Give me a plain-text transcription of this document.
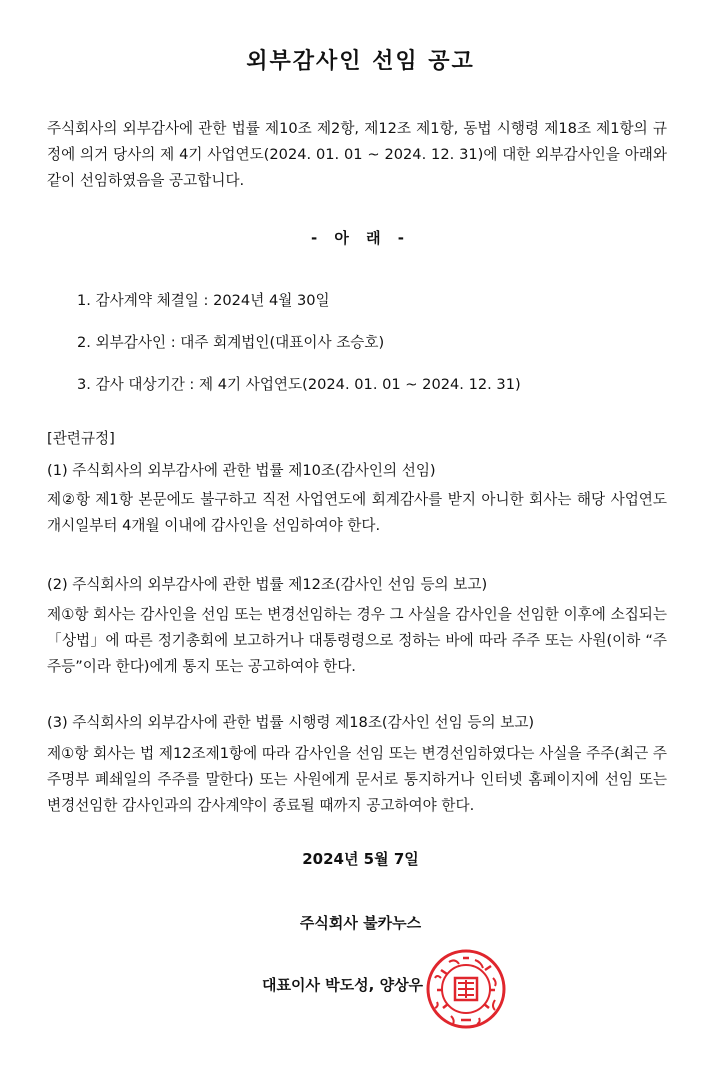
외부감사인 선임 공고
주식회사의 외부감사에 관한 법률 제10조 제2항, 제12조 제1항, 동법 시행령 제18조 제1항의 규정에 의거 당사의 제 4기 사업연도(2024. 01. 01 ~ 2024. 12. 31)에 대한 외부감사인을 아래와 같이 선임하였음을 공고합니다.
- 아 래 -
1. 감사계약 체결일 : 2024년 4월 30일
2. 외부감사인 : 대주 회계법인(대표이사 조승호)
3. 감사 대상기간 : 제 4기 사업연도(2024. 01. 01 ~ 2024. 12. 31)
[관련규정]
(1) 주식회사의 외부감사에 관한 법률 제10조(감사인의 선임)
제②항 제1항 본문에도 불구하고 직전 사업연도에 회계감사를 받지 아니한 회사는 해당 사업연도 개시일부터 4개월 이내에 감사인을 선임하여야 한다.
(2) 주식회사의 외부감사에 관한 법률 제12조(감사인 선임 등의 보고)
제①항 회사는 감사인을 선임 또는 변경선임하는 경우 그 사실을 감사인을 선임한 이후에 소집되는 「상법」에 따른 정기총회에 보고하거나 대통령령으로 정하는 바에 따라 주주 또는 사원(이하 “주주등”이라 한다)에게 통지 또는 공고하여야 한다.
(3) 주식회사의 외부감사에 관한 법률 시행령 제18조(감사인 선임 등의 보고)
제①항 회사는 법 제12조제1항에 따라 감사인을 선임 또는 변경선임하였다는 사실을 주주(최근 주주명부 폐쇄일의 주주를 말한다) 또는 사원에게 문서로 통지하거나 인터넷 홈페이지에 선임 또는 변경선임한 감사인과의 감사계약이 종료될 때까지 공고하여야 한다.
2024년 5월 7일
주식회사 불카누스
대표이사 박도성, 양상우
